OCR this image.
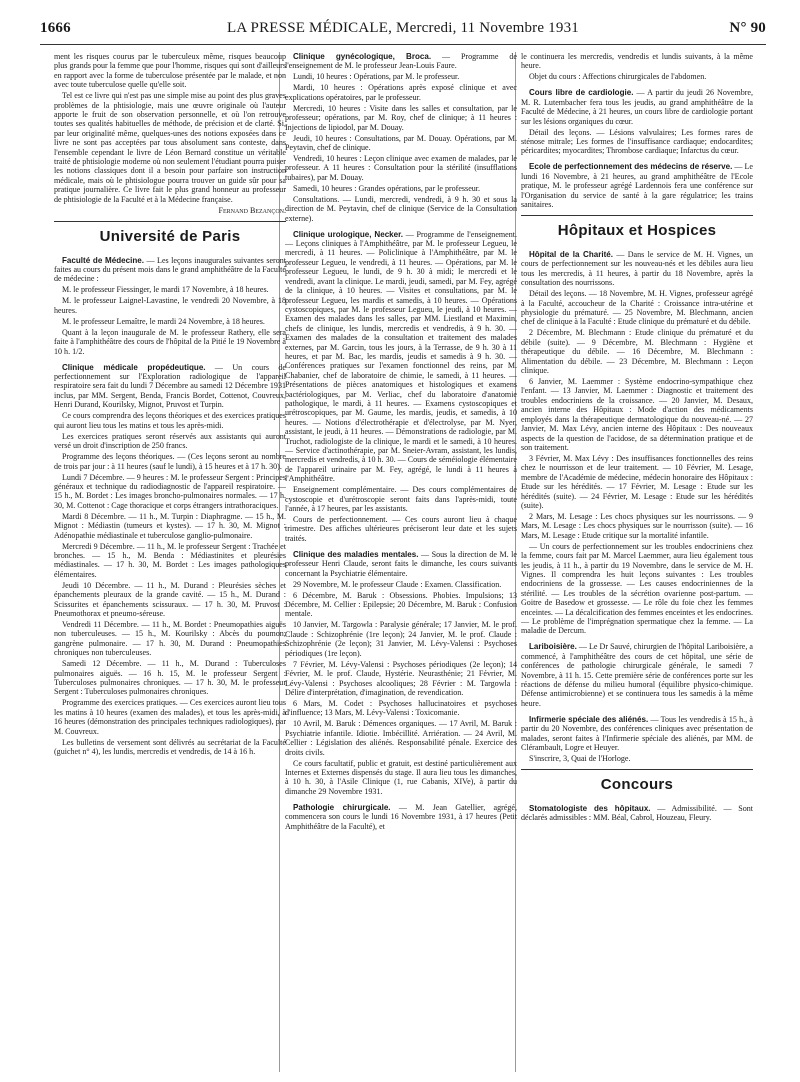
1666	LA PRESSE MÉDICALE, Mercredi, 11 Novembre 1931	N° 90

ment les risques courus par le tuberculeux même, risques beaucoup plus grands pour la femme que pour l'homme, risques qui sont d'ailleurs en rapport avec la forme de tuberculose présentée par le malade, et non avec toute tuberculose quelle qu'elle soit.

Tel est ce livre qui n'est pas une simple mise au point des plus graves problèmes de la phtisiologie, mais une œuvre originale où l'auteur apporte le fruit de son observation personnelle, et où l'on retrouve toutes ses qualités habituelles de méthode, de précision et de clarté. Si, par leur originalité même, quelques-unes des notions exposées dans ce livre ne sont pas acceptées par tous absolument sans conteste, dans l'ensemble cependant le livre de Léon Bernard constitue un véritable traité de phtisiologie moderne où non seulement l'étudiant pourra puiser les notions classiques dont il a besoin pour parfaire son instruction médicale, mais où le phtisiologue pourra trouver un guide sûr pour sa pratique journalière. Ce livre fait le plus grand honneur au professeur de phtisiologie de la Faculté et à la Médecine française.

Fernand Bezançon.

Université de Paris

Faculté de Médecine. — Les leçons inaugurales suivantes seront faites au cours du présent mois dans le grand amphithéâtre de la Faculté de médecine :

M. le professeur Fiessinger, le mardi 17 Novembre, à 18 heures.

M. le professeur Laignel-Lavastine, le vendredi 20 Novembre, à 18 heures.

M. le professeur Lemaître, le mardi 24 Novembre, à 18 heures.

Quant à la leçon inaugurale de M. le professeur Rathery, elle sera faite à l'amphithéâtre des cours de l'hôpital de la Pitié le 19 Novembre à 10 h. 1/2.

Clinique médicale propédeutique. — Un cours de perfectionnement sur l'Exploration radiologique de l'appareil respiratoire sera fait du lundi 7 Décembre au samedi 12 Décembre 1931 inclus, par MM. Sergent, Benda, Francis Bordet, Cottenot, Couvreux, Henri Durand, Kourilsky, Mignot, Pruvost et Turpin.

Ce cours comprendra des leçons théoriques et des exercices pratiques qui auront lieu tous les matins et tous les après-midi.

Les exercices pratiques seront réservés aux assistants qui auront versé un droit d'inscription de 250 francs.

Programme des leçons théoriques. — (Ces leçons seront au nombre de trois par jour : à 11 heures (sauf le lundi), à 15 heures et à 17 h. 30).

Lundi 7 Décembre. — 9 heures : M. le professeur Sergent : Principes généraux et technique du radiodiagnostic de l'appareil respiratoire. — 15 h., M. Bordet : Les images broncho-pulmonaires normales. — 17 h. 30, M. Cottenot : Cage thoracique et corps étrangers intrathoraciques.

Mardi 8 Décembre. — 11 h., M. Turpin : Diaphragme. — 15 h., M. Mignot : Médiastin (tumeurs et kystes). — 17 h. 30, M. Mignot : Adénopathie médiastinale et tuberculose ganglio-pulmonaire.

Mercredi 9 Décembre. — 11 h., M. le professeur Sergent : Trachée et bronches. — 15 h., M. Benda : Médiastinites et pleurésies médiastinales. — 17 h. 30, M. Bordet : Les images pathologiques élémentaires.

Jeudi 10 Décembre. — 11 h., M. Durand : Pleurésies sèches et épanchements pleuraux de la grande cavité. — 15 h., M. Durand : Scissurites et épanchements scissuraux. — 17 h. 30, M. Pruvost : Pneumothorax et pneumo-séreuse.

Vendredi 11 Décembre. — 11 h., M. Bordet : Pneumopathies aiguës non tuberculeuses. — 15 h., M. Kourilsky : Abcès du poumon; gangrène pulmonaire. — 17 h. 30, M. Durand : Pneumopathies chroniques non tuberculeuses.

Samedi 12 Décembre. — 11 h., M. Durand : Tuberculoses pulmonaires aiguës. — 16 h. 15, M. le professeur Sergent : Tuberculoses pulmonaires chroniques. — 17 h. 30, M. le professeur Sergent : Tuberculoses pulmonaires chroniques.

Programme des exercices pratiques. — Ces exercices auront lieu tous les matins à 10 heures (examen des malades), et tous les après-midi, à 16 heures (démonstration des principales techniques radiologiques), par M. Couvreux.

Les bulletins de versement sont délivrés au secrétariat de la Faculté (guichet n° 4), les lundis, mercredis et vendredis, de 14 à 16 h.

Clinique gynécologique, Broca. — Programme de l'enseignement de M. le professeur Jean-Louis Faure.

Lundi, 10 heures : Opérations, par M. le professeur.

Mardi, 10 heures : Opérations après exposé clinique et avec explications opératoires, par le professeur.

Mercredi, 10 heures : Visite dans les salles et consultation, par le professeur; opérations, par M. Roy, chef de clinique; à 11 heures : Injections de lipiodol, par M. Douay.

Jeudi, 10 heures : Consultations, par M. Douay. Opérations, par M. Peytavin, chef de clinique.

Vendredi, 10 heures : Leçon clinique avec examen de malades, par le professeur. A 11 heures : Consultation pour la stérilité (insufflations tubaires), par M. Douay.

Samedi, 10 heures : Grandes opérations, par le professeur.

Consultations. — Lundi, mercredi, vendredi, à 9 h. 30 et sous la direction de M. Peytavin, chef de clinique (Service de la Consultation externe).

Clinique urologique, Necker. — Programme de l'enseignement. — Leçons cliniques à l'Amphithéâtre, par M. le professeur Legueu, le mercredi, à 11 heures. — Policlinique à l'Amphithéâtre, par M. le professeur Legueu, le vendredi, à 11 heures. — Opérations, par M. le professeur Legueu, le lundi, de 9 h. 30 à midi; le mercredi et le vendredi, avant la clinique. Le mardi, jeudi, samedi, par M. Fey, agrégé de la clinique, à 10 heures. — Visites et consultations, par M. le professeur Legueu, les mardis et samedis, à 10 heures. — Opérations cystoscopiques, par M. le professeur Legueu, le jeudi, à 10 heures. — Examen des malades dans les salles, par MM. Liestland et Maximin, chefs de clinique, les lundis, mercredis et vendredis, à 9 h. 30. — Examen des malades de la consultation et traitement des malades externes, par M. Garcin, tous les jours, à la Terrasse, de 9 h. 30 à 11 heures, et par M. Bac, les mardis, jeudis et samedis à 9 h. 30. — Conférences pratiques sur l'examen fonctionnel des reins, par M. Chabanier, chef de laboratoire de chimie, le samedi, à 11 heures. — Présentations de pièces anatomiques et histologiques et examens bactériologiques, par M. Verliac, chef du laboratoire d'anatomie pathologique, le mardi, à 11 heures. — Examens cystoscopiques et urétroscopiques, par M. Gaume, les mardis, jeudis, et samedis, à 10 heures. — Notions d'électrothérapie et d'électrolyse, par M. Nyer, assistant, le jeudi, à 11 heures. — Démonstrations de radiologie, par M. Truchot, radiologiste de la clinique, le mardi et le samedi, à 10 heures. — Service d'actinothérapie, par M. Sneier-Avram, assistant, les lundis, mercredis et vendredis, à 10 h. 30. — Cours de séméiologie élémentaire de l'appareil urinaire par M. Fey, agrégé, le lundi à 11 heures à l'Amphithéâtre.

Enseignement complémentaire. — Des cours complémentaires de cystoscopie et d'urétroscopie seront faits dans l'après-midi, toute l'année, à 17 heures, par les assistants.

Cours de perfectionnement. — Ces cours auront lieu à chaque trimestre. Des affiches ultérieures préciseront leur date et les sujets traités.

Clinique des maladies mentales. — Sous la direction de M. le professeur Henri Claude, seront faits le dimanche, les cours suivants concernant la Psychiatrie élémentaire.

29 Novembre, M. le professeur Claude : Examen. Classification.

6 Décembre, M. Baruk : Obsessions. Phobies. Impulsions; 13 Décembre, M. Cellier : Epilepsie; 20 Décembre, M. Baruk : Confusion mentale.

10 Janvier, M. Targowla : Paralysie générale; 17 Janvier, M. le prof. Claude : Schizophrénie (1re leçon); 24 Janvier, M. le prof. Claude : Schizophrénie (2e leçon); 31 Janvier, M. Lévy-Valensi : Psychoses périodiques (1re leçon).

7 Février, M. Lévy-Valensi : Psychoses périodiques (2e leçon); 14 Février, M. le prof. Claude, Hystérie. Neurasthénie; 21 Février, M. Lévy-Valensi : Psychoses alcooliques; 28 Février : M. Targowla : Délire d'interprétation, d'imagination, de revendication.

6 Mars, M. Codet : Psychoses hallucinatoires et psychoses d'influence; 13 Mars, M. Lévy-Valensi : Toxicomanie.

10 Avril, M. Baruk : Démences organiques. — 17 Avril, M. Baruk : Psychiatrie infantile. Idiotie. Imbécillité. Arriération. — 24 Avril, M. Cellier : Législation des aliénés. Responsabilité pénale. Exercice des droits civils.

Ce cours facultatif, public et gratuit, est destiné particulièrement aux Internes et Externes dispensés du stage. Il aura lieu tous les dimanches, à 10 h. 30, à l'Asile Clinique (1, rue Cabanis, XIVe), à partir du dimanche 29 Novembre 1931.

Pathologie chirurgicale. — M. Jean Gatellier, agrégé, commencera son cours le lundi 16 Novembre 1931, à 17 heures (Petit Amphithéâtre de la Faculté), et

le continuera les mercredis, vendredis et lundis suivants, à la même heure.

Objet du cours : Affections chirurgicales de l'abdomen.

Cours libre de cardiologie. — A partir du jeudi 26 Novembre, M. R. Lutembacher fera tous les jeudis, au grand amphithéâtre de la Faculté de Médecine, à 21 heures, un cours libre de cardiologie portant sur les lésions organiques du cœur.

Détail des leçons. — Lésions valvulaires; Les formes rares de sténose mitrale; Les formes de l'insuffisance cardiaque; endocardites; péricardites; myocardites; Thrombose cardiaque; Infarctus du cœur.

Ecole de perfectionnement des médecins de réserve. — Le lundi 16 Novembre, à 21 heures, au grand amphithéâtre de l'Ecole pratique, M. le professeur agrégé Lardennois fera une conférence sur l'Organisation du service de santé à la gare régulatrice; les trains sanitaires.

Hôpitaux et Hospices

Hôpital de la Charité. — Dans le service de M. H. Vignes, un cours de perfectionnement sur les nouveau-nés et les débiles aura lieu tous les mercredis, à 11 heures, à partir du 18 Novembre, après la consultation des nourrissons.

Détail des leçons. — 18 Novembre, M. H. Vignes, professeur agrégé à la Faculté, accoucheur de la Charité : Croissance intra-utérine et physiologie du prématuré. — 25 Novembre, M. Blechmann, ancien chef de clinique à la Faculté : Etude clinique du prématuré et du débile.

2 Décembre, M. Blechmann : Etude clinique du prématuré et du débile (suite). — 9 Décembre, M. Blechmann : Hygiène et thérapeutique du débile. — 16 Décembre, M. Blechmann : Alimentation du débile. — 23 Décembre, M. Blechmann : Leçon clinique.

6 Janvier, M. Laemmer : Système endocrino-sympathique chez l'enfant. — 13 Janvier, M. Laemmer : Diagnostic et traitement des troubles endocriniens de la croissance. — 20 Janvier, M. Desaux, ancien interne des Hôpitaux : Mode d'action des médicaments employés dans la thérapeutique dermatologique du nouveau-né. — 27 Janvier, M. Max Lévy, ancien interne des Hôpitaux : Des nouveaux aspects de la question de l'acidose, de sa détermination pratique et de son traitement.

3 Février, M. Max Lévy : Des insuffisances fonctionnelles des reins chez le nourrisson et de leur traitement. — 10 Février, M. Lesage, membre de l'Académie de médecine, médecin honoraire des Hôpitaux : Etude sur les hérédités. — 17 Février, M. Lesage : Etude sur les hérédités (suite). — 24 Février, M. Lesage : Etude sur les hérédités (suite).

2 Mars, M. Lesage : Les chocs physiques sur les nourrissons. — 9 Mars, M. Lesage : Les chocs physiques sur le nourrisson (suite). — 16 Mars, M. Lesage : Etude critique sur la mortalité infantile.

— Un cours de perfectionnement sur les troubles endocriniens chez la femme, cours fait par M. Marcel Laemmer, aura lieu également tous les jeudis, à 11 h., à partir du 19 Novembre, dans le service de M. H. Vignes. Il comprendra les huit leçons suivantes : Les troubles endocriniens de la grossesse. — Les causes endocriniennes de la stérilité. — Les troubles de la sécrétion ovarienne post-partum. — Goitre de Basedow et grossesse. — Le rôle du foie chez les femmes enceintes. — La décalcification des femmes enceintes et les endocrines. — Le problème de l'imprégnation spermatique chez la femme. — La maladie de Dercum.

Lariboisière. — Le Dr Sauvé, chirurgien de l'hôpital Lariboisière, a commencé, à l'amphithéâtre des cours de cet hôpital, une série de conférences de pathologie chirurgicale générale, le samedi 7 Novembre, à 11 h. 15. Cette première série de conférences porte sur les réactions de défense du milieu humoral (équilibre physico-chimique. Défense antimicrobienne) et se continuera tous les samedis à la même heure.

Infirmerie spéciale des aliénés. — Tous les vendredis à 15 h., à partir du 20 Novembre, des conférences cliniques avec présentation de malades, seront faites à l'Infirmerie spéciale des aliénés, par MM. de Clérambault, Logre et Heuyer.

S'inscrire, 3, Quai de l'Horloge.

Concours

Stomatologiste des hôpitaux. — Admissibilité. — Sont déclarés admissibles : MM. Béal, Cabrol, Houzeau, Fleury.
